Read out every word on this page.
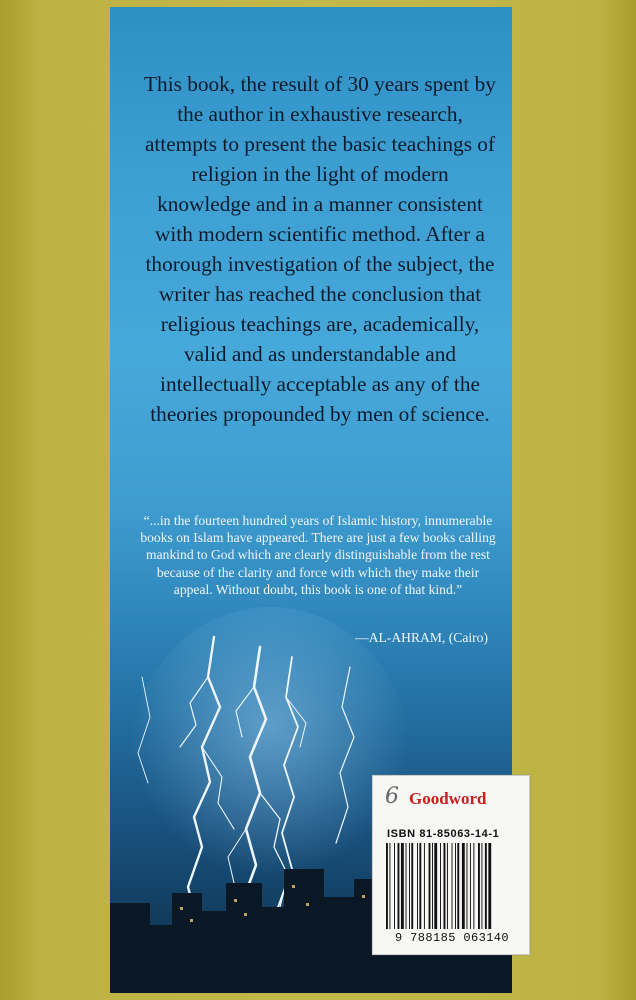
This book, the result of 30 years spent by the author in exhaustive research, attempts to present the basic teachings of religion in the light of modern knowledge and in a manner consistent with modern scientific method. After a thorough investigation of the subject, the writer has reached the conclusion that religious teachings are, academically, valid and as understandable and intellectually acceptable as any of the theories propounded by men of science.

“...in the fourteen hundred years of Islamic history, innumerable books on Islam have appeared. There are just a few books calling mankind to God which are clearly distinguishable from the rest because of the clarity and force with which they make their appeal. Without doubt, this book is one of that kind.”

—AL-AHRAM, (Cairo)

6 Goodword

ISBN 81-85063-14-1

9 788185 063140
